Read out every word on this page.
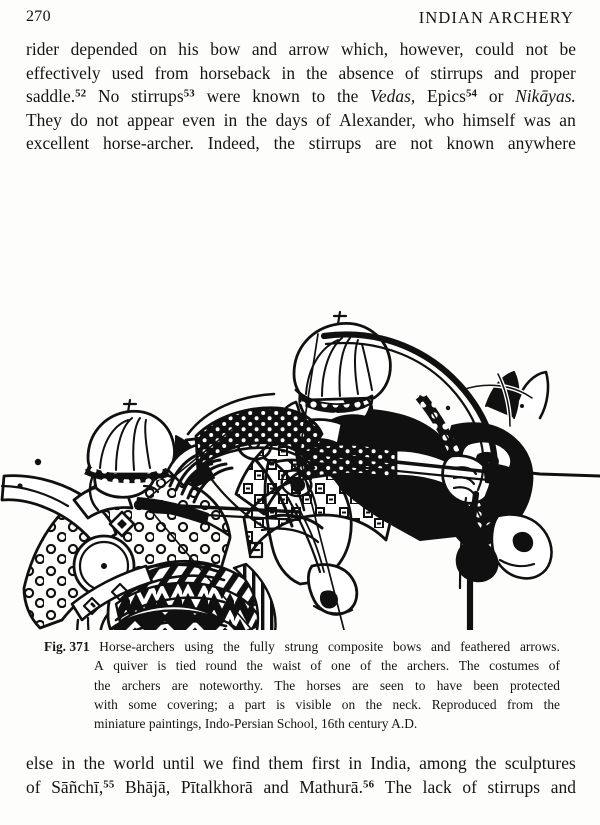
270	INDIAN ARCHERY

rider depended on his bow and arrow which, however, could not be
effectively used from horseback in the absence of stirrups and proper
saddle.$^{52}$ No stirrups$^{53}$ were known to the Vedas, Epics$^{54}$ or Nikāyas.
They do not appear even in the days of Alexander, who himself was an
excellent horse-archer. Indeed, the stirrups are not known anywhere

Fig. 371 Horse-archers using the fully strung composite bows and feathered arrows.
A quiver is tied round the waist of one of the archers. The costumes of
the archers are noteworthy. The horses are seen to have been protected
with some covering; a part is visible on the neck. Reproduced from the
miniature paintings, Indo-Persian School, 16th century A.D.

else in the world until we find them first in India, among the sculptures
of Sāñchī,$^{55}$ Bhājā, Pītalkhorā and Mathurā.$^{56}$ The lack of stirrups and
